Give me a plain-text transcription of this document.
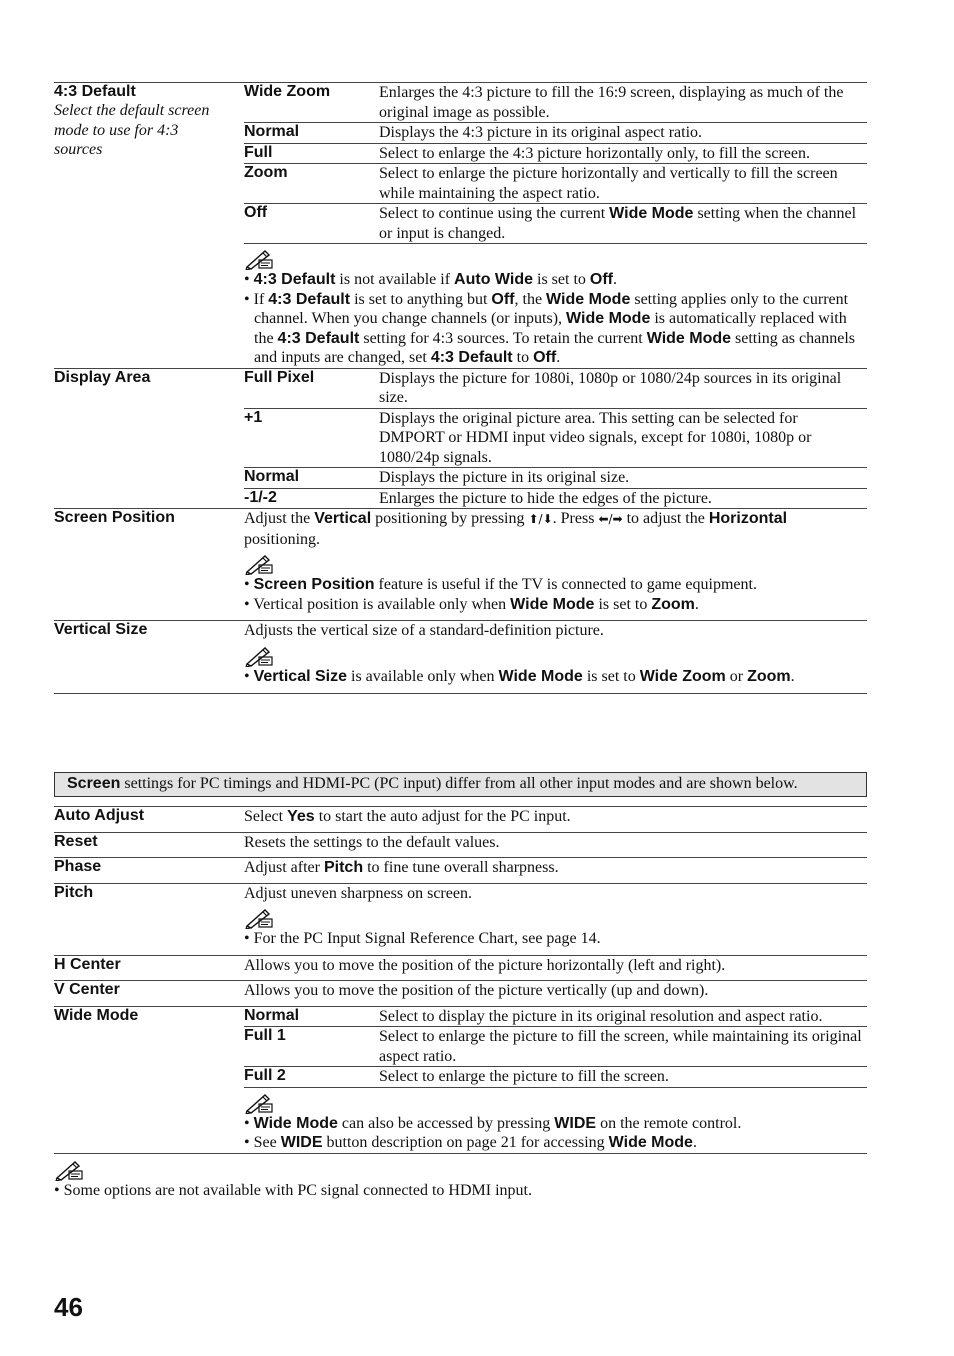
4:3 Default
Select the default screen mode to use for 4:3 sources

Wide Zoom	Enlarges the 4:3 picture to fill the 16:9 screen, displaying as much of the original image as possible.
Normal	Displays the 4:3 picture in its original aspect ratio.
Full	Select to enlarge the 4:3 picture horizontally only, to fill the screen.
Zoom	Select to enlarge the picture horizontally and vertically to fill the screen while maintaining the aspect ratio.
Off	Select to continue using the current Wide Mode setting when the channel or input is changed.

• 4:3 Default is not available if Auto Wide is set to Off.
• If 4:3 Default is set to anything but Off, the Wide Mode setting applies only to the current channel. When you change channels (or inputs), Wide Mode is automatically replaced with the 4:3 Default setting for 4:3 sources. To retain the current Wide Mode setting as channels and inputs are changed, set 4:3 Default to Off.

Display Area
		Full Pixel	Displays the picture for 1080i, 1080p or 1080/24p sources in its original size.
+1	Displays the original picture area. This setting can be selected for DMPORT or HDMI input video signals, except for 1080i, 1080p or 1080/24p signals.
Normal	Displays the picture in its original size.
-1/-2	Enlarges the picture to hide the edges of the picture.

Screen Position	Adjust the Vertical positioning by pressing ⬆/⬇. Press ⬅/➡ to adjust the Horizontal positioning.
• Screen Position feature is useful if the TV is connected to game equipment.
• Vertical position is available only when Wide Mode is set to Zoom.

Vertical Size	Adjusts the vertical size of a standard-definition picture.
• Vertical Size is available only when Wide Mode is set to Wide Zoom or Zoom.
Screen settings for PC timings and HDMI-PC (PC input) differ from all other input modes and are shown below.
Auto Adjust	Select Yes to start the auto adjust for the PC input.

Reset	Resets the settings to the default values.

Phase	Adjust after Pitch to fine tune overall sharpness.

Pitch	Adjust uneven sharpness on screen.
• For the PC Input Signal Reference Chart, see page 14.

H Center	Allows you to move the position of the picture horizontally (left and right).

V Center	Allows you to move the position of the picture vertically (up and down).

Wide Mode
		Normal	Select to display the picture in its original resolution and aspect ratio.
Full 1	Select to enlarge the picture to fill the screen, while maintaining its original aspect ratio.
Full 2	Select to enlarge the picture to fill the screen.

• Wide Mode can also be accessed by pressing WIDE on the remote control.
• See WIDE button description on page 21 for accessing Wide Mode.

• Some options are not available with PC signal connected to HDMI input.
46
